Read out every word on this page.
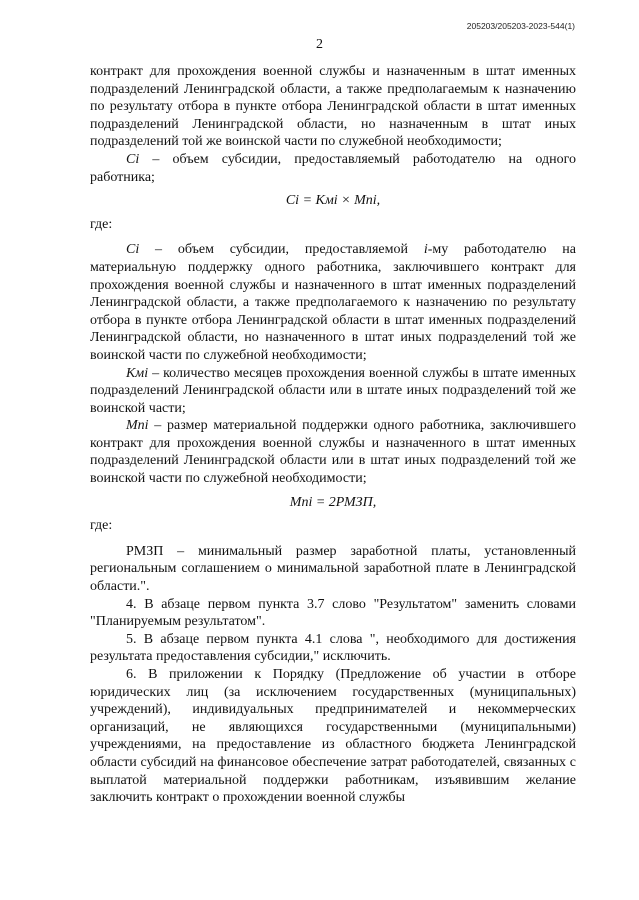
205203/205203-2023-544(1)
2

контракт для прохождения военной службы и назначенным в штат именных подразделений Ленинградской области, а также предполагаемым к назначению по результату отбора в пункте отбора Ленинградской области в штат именных подразделений Ленинградской области, но назначенным в штат иных подразделений той же воинской части по служебной необходимости;

Ci – объем субсидии, предоставляемый работодателю на одного работника;

Ci = Кмi × Мпi,

где:

Ci – объем субсидии, предоставляемой i-му работодателю на материальную поддержку одного работника, заключившего контракт для прохождения военной службы и назначенного в штат именных подразделений Ленинградской области, а также предполагаемого к назначению по результату отбора в пункте отбора Ленинградской области в штат именных подразделений Ленинградской области, но назначенного в штат иных подразделений той же воинской части по служебной необходимости;

Кмi – количество месяцев прохождения военной службы в штате именных подразделений Ленинградской области или в штате иных подразделений той же воинской части;

Мпi – размер материальной поддержки одного работника, заключившего контракт для прохождения военной службы и назначенного в штат именных подразделений Ленинградской области или в штат иных подразделений той же воинской части по служебной необходимости;

Мпi = 2РМЗП,

где:

РМЗП – минимальный размер заработной платы, установленный региональным соглашением о минимальной заработной плате в Ленинградской области.".

4. В абзаце первом пункта 3.7 слово "Результатом" заменить словами "Планируемым результатом".

5. В абзаце первом пункта 4.1 слова ", необходимого для достижения результата предоставления субсидии," исключить.

6. В приложении к Порядку (Предложение об участии в отборе юридических лиц (за исключением государственных (муниципальных) учреждений), индивидуальных предпринимателей и некоммерческих организаций, не являющихся государственными (муниципальными) учреждениями, на предоставление из областного бюджета Ленинградской области субсидий на финансовое обеспечение затрат работодателей, связанных с выплатой материальной поддержки работникам, изъявившим желание заключить контракт о прохождении военной службы
